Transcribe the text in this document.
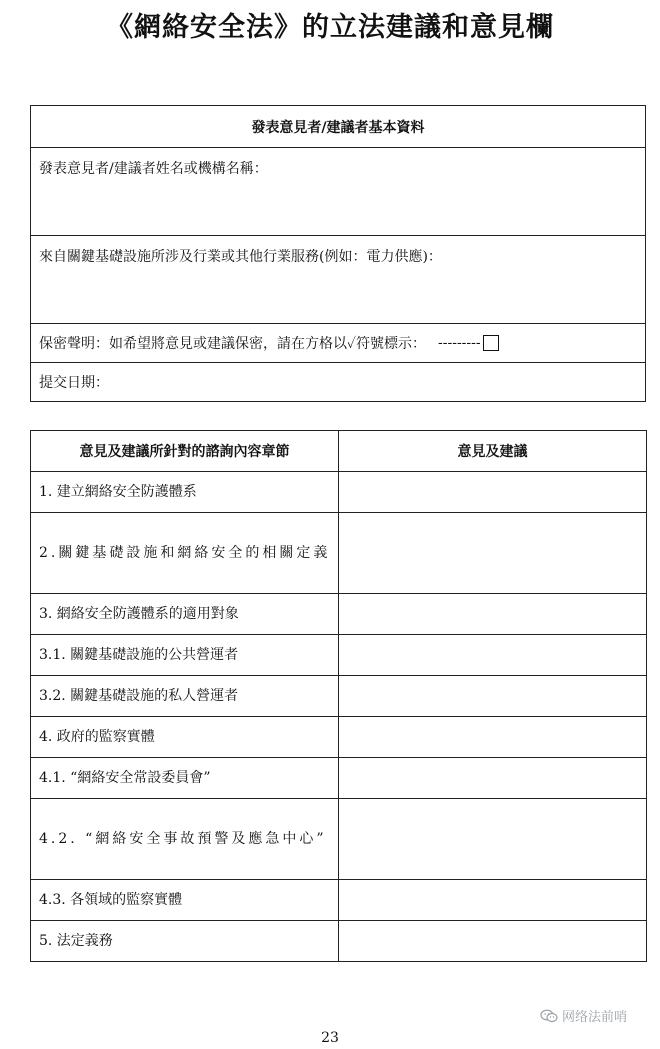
《網絡安全法》的立法建議和意見欄
發表意見者/建議者基本資料
發表意見者/建議者姓名或機構名稱：
來自關鍵基礎設施所涉及行業或其他行業服務(例如：電力供應)：

保密聲明：如希望將意見或建議保密，請在方格以✓符號標示： ---------

提交日期：
意見及建議所針對的諮詢內容章節	意見及建議
1. 建立網絡安全防護體系	
2.關鍵基礎設施和網絡安全的相關定義	
3. 網絡安全防護體系的適用對象	
3.1. 關鍵基礎設施的公共營運者	
3.2. 關鍵基礎設施的私人營運者	
4. 政府的監察實體	
4.1. “網絡安全常設委員會”	
4.2. “網絡安全事故預警及應急中心”	
4.3. 各領域的監察實體	
5. 法定義務	
网络法前哨
23
